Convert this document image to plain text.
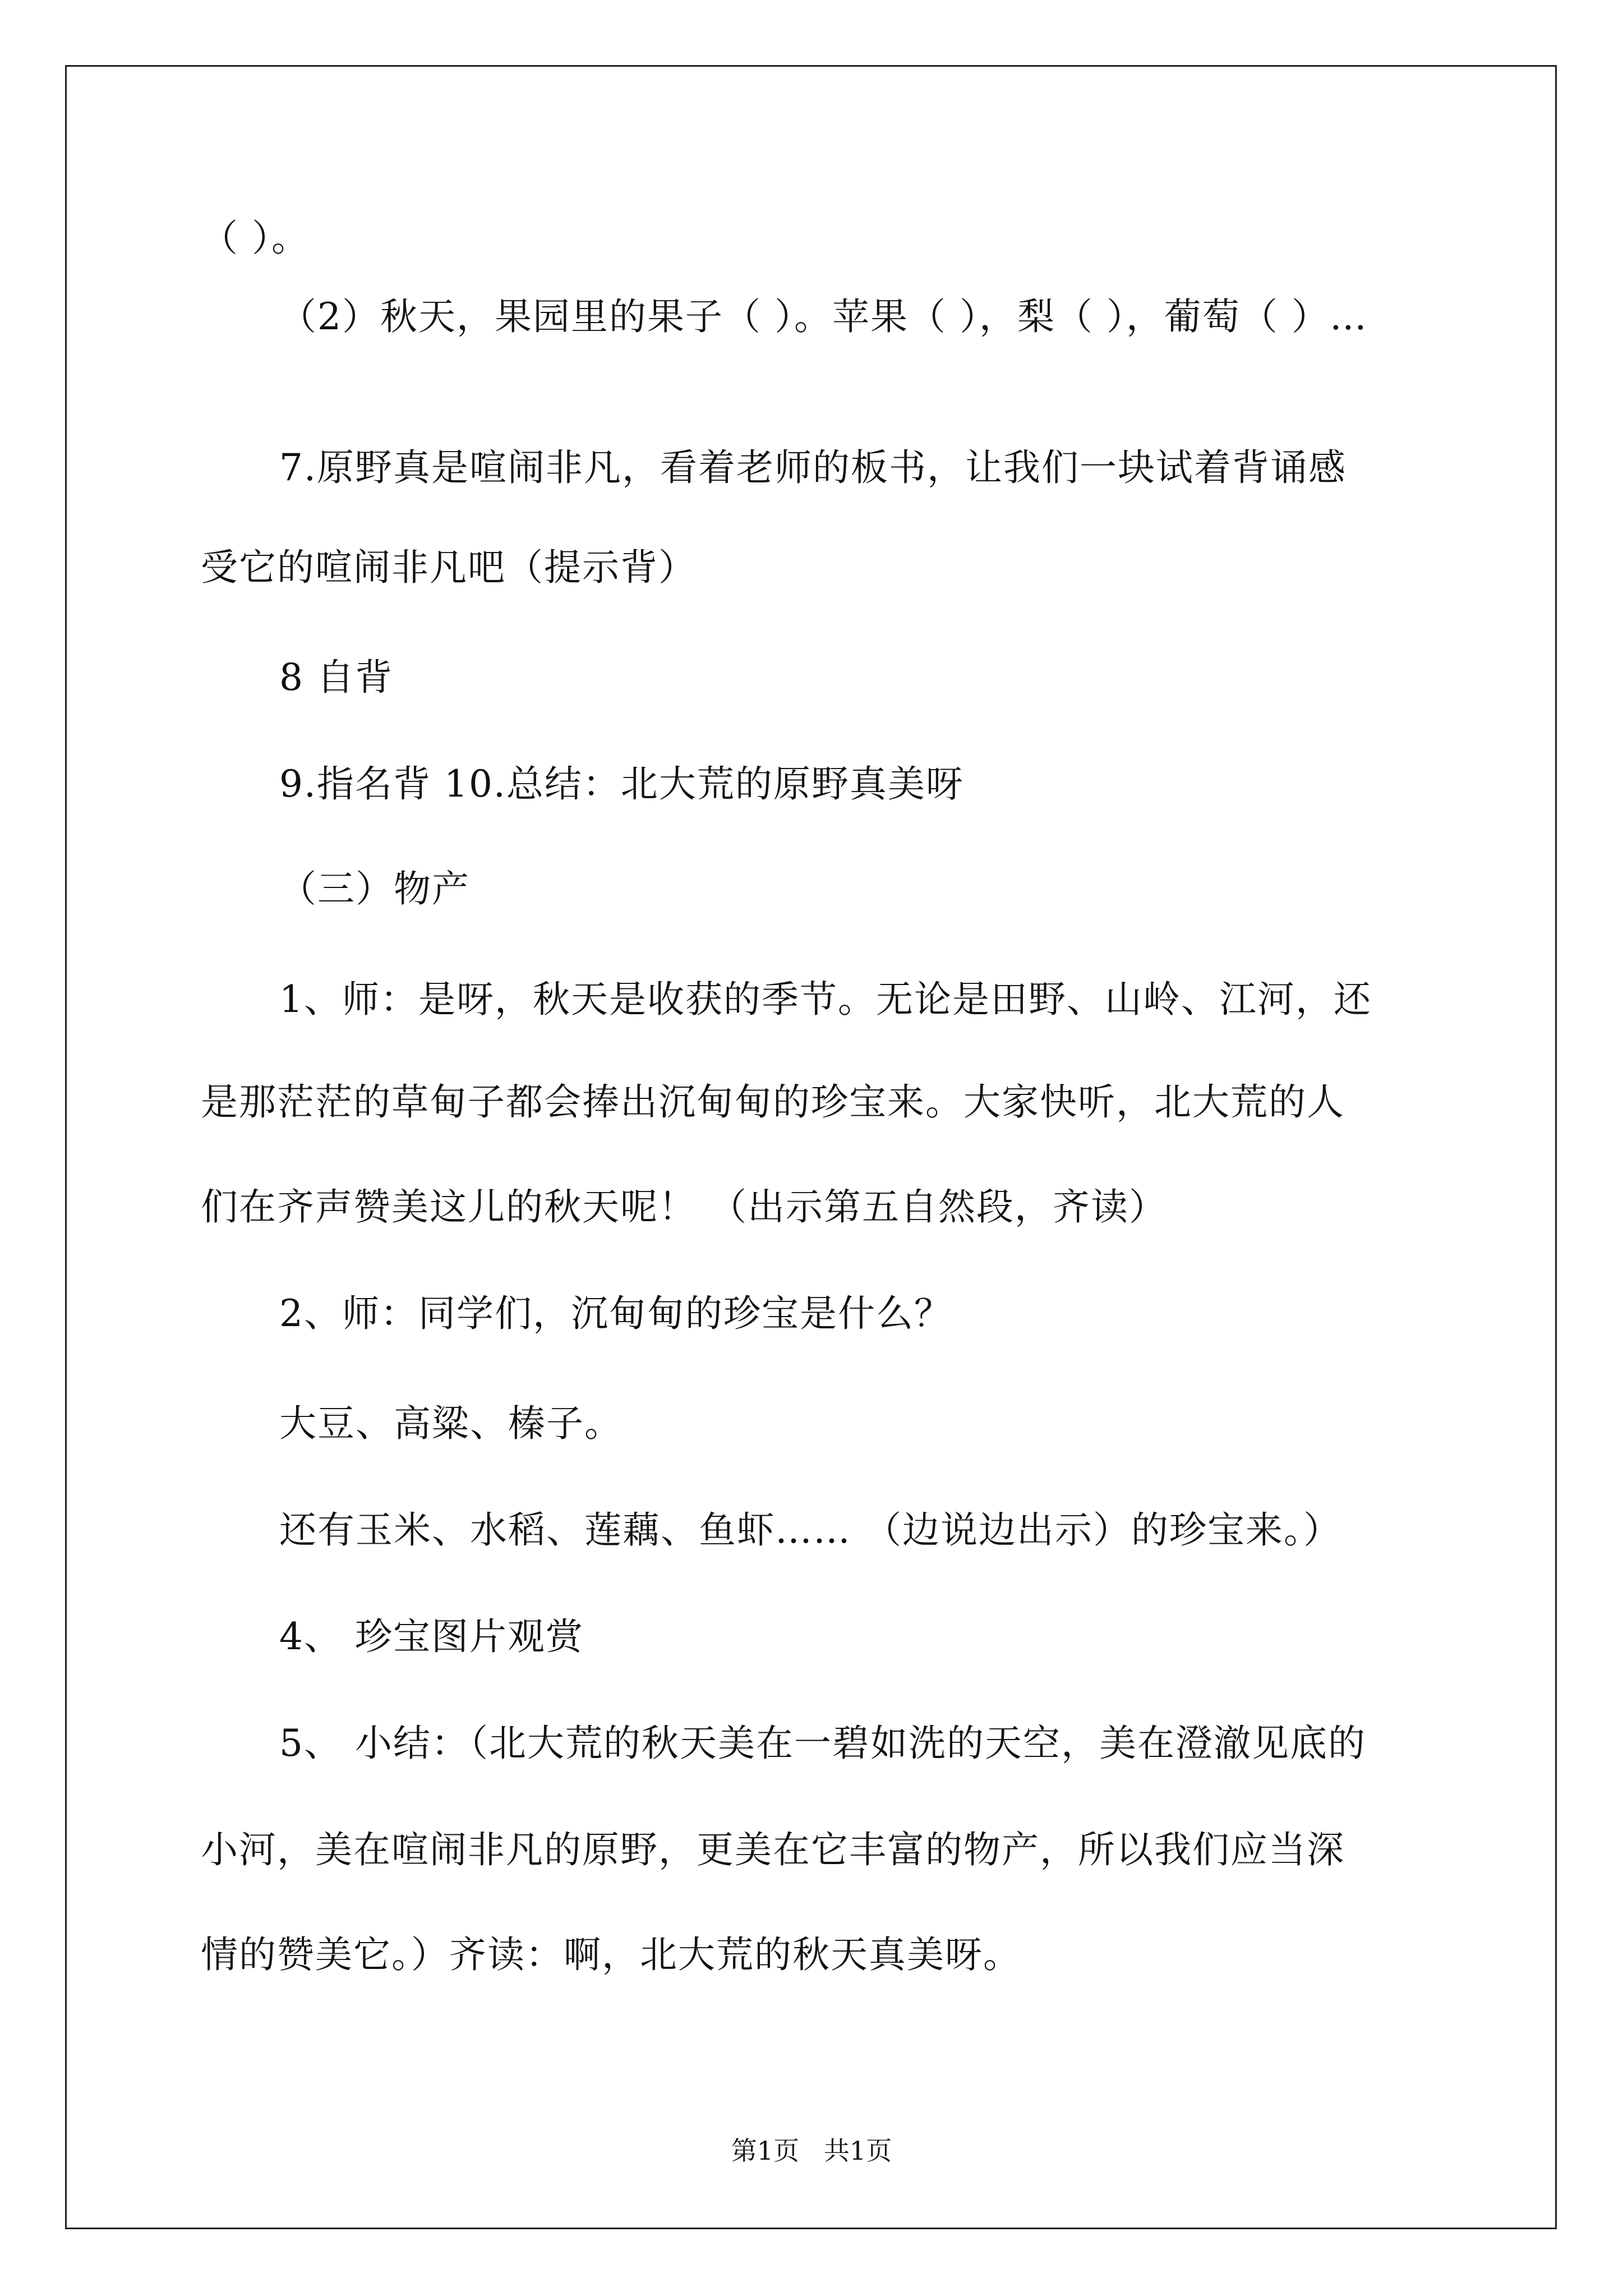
（ ）。
（2）秋天，果园里的果子（ ）。苹果（ ），梨（ ），葡萄（ ）…
7.原野真是喧闹非凡，看着老师的板书，让我们一块试着背诵感
受它的喧闹非凡吧（提示背）
8 自背
9.指名背 10.总结：北大荒的原野真美呀
（三）物产
1、师：是呀，秋天是收获的季节。无论是田野、山岭、江河，还
是那茫茫的草甸子都会捧出沉甸甸的珍宝来。大家快听，北大荒的人
们在齐声赞美这儿的秋天呢！ （出示第五自然段，齐读）
2、师：同学们，沉甸甸的珍宝是什么？
大豆、高粱、榛子。
还有玉米、水稻、莲藕、鱼虾…… （边说边出示）的珍宝来。）
4、 珍宝图片观赏
5、 小结：（北大荒的秋天美在一碧如洗的天空，美在澄澈见底的
小河，美在喧闹非凡的原野，更美在它丰富的物产，所以我们应当深
情的赞美它。）齐读：啊，北大荒的秋天真美呀。
第1页   共1页
